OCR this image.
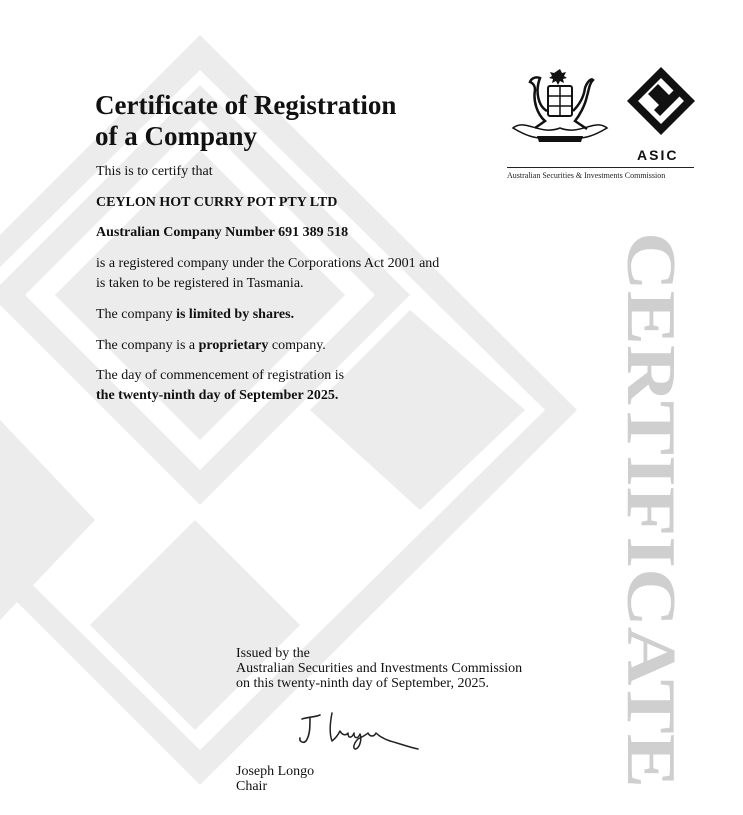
Certificate of Registration
of a Company

This is to certify that

CEYLON HOT CURRY POT PTY LTD

Australian Company Number 691 389 518

is a registered company under the Corporations Act 2001 and
is taken to be registered in Tasmania.

The company is limited by shares.

The company is a proprietary company.

The day of commencement of registration is
the twenty-ninth day of September 2025.
ASIC
Australian Securities & Investments Commission
CERTIFICATE
Issued by the
Australian Securities and Investments Commission
on this twenty-ninth day of September, 2025.
Joseph Longo
Chair
